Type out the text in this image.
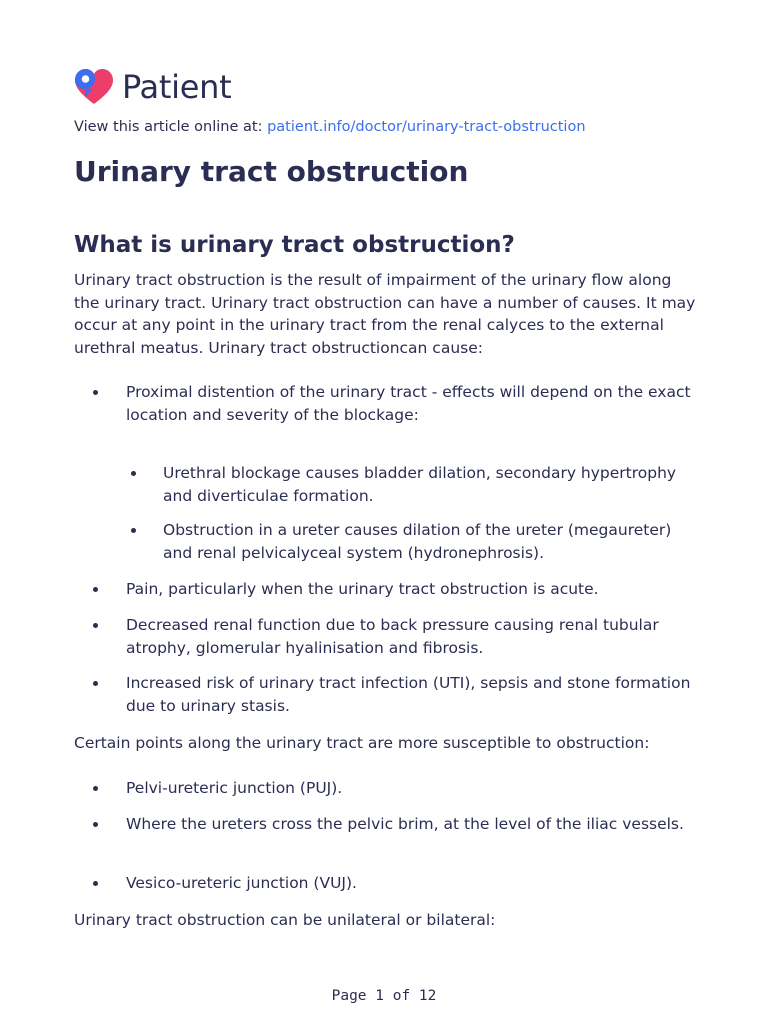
Patient
View this article online at: patient.info/doctor/urinary-tract-obstruction
Urinary tract obstruction
What is urinary tract obstruction?

Urinary tract obstruction is the result of impairment of the urinary flow along the urinary tract. Urinary tract obstruction can have a number of causes. It may occur at any point in the urinary tract from the renal calyces to the external urethral meatus. Urinary tract obstructioncan cause:

Proximal distention of the urinary tract - effects will depend on the exact location and severity of the blockage:
Urethral blockage causes bladder dilation, secondary hypertrophy and diverticulae formation.
Obstruction in a ureter causes dilation of the ureter (megaureter) and renal pelvicalyceal system (hydronephrosis).
Pain, particularly when the urinary tract obstruction is acute.
Decreased renal function due to back pressure causing renal tubular atrophy, glomerular hyalinisation and fibrosis.
Increased risk of urinary tract infection (UTI), sepsis and stone formation due to urinary stasis.

Certain points along the urinary tract are more susceptible to obstruction:

Pelvi-ureteric junction (PUJ).
Where the ureters cross the pelvic brim, at the level of the iliac vessels.
Vesico-ureteric junction (VUJ).

Urinary tract obstruction can be unilateral or bilateral:

Page 1 of 12
